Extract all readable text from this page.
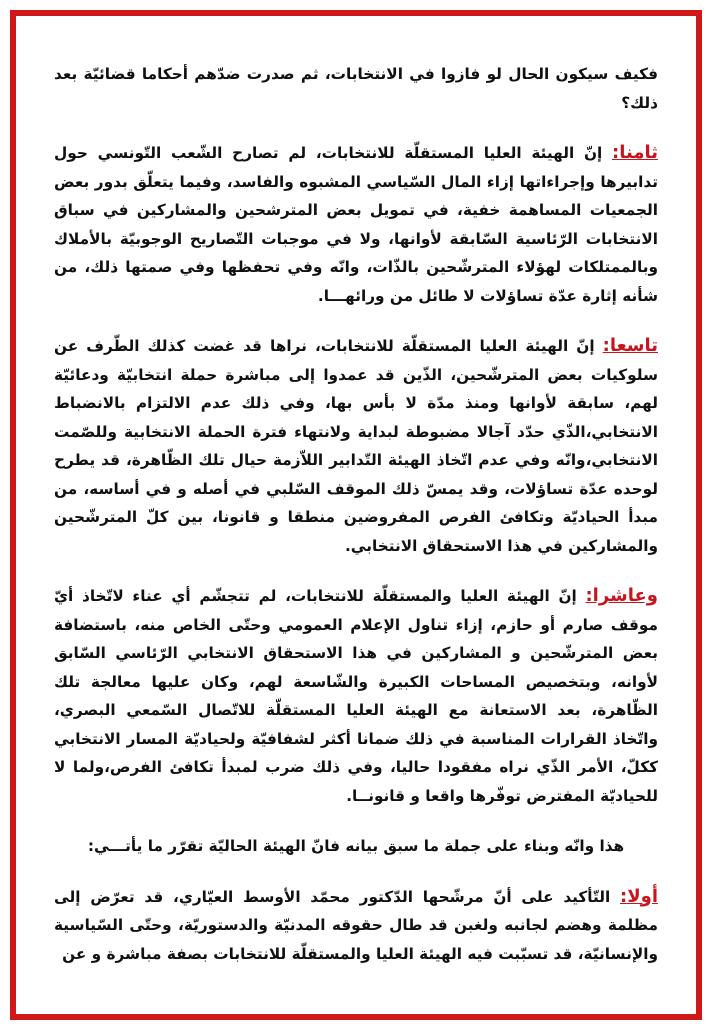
فكيف سيكون الحال لو فازوا في الانتخابات، ثم صدرت ضدّهم أحكاما قضائيّة بعد ذلك؟

ثامنا: إنّ الهيئة العليا المستقلّة للانتخابات، لم تصارح الشّعب التّونسي حول تدابيرها وإجراءاتها إزاء المال السّياسي المشبوه والفاسد، وفيما يتعلّق بدور بعض الجمعيات المساهمة خفية، في تمويل بعض المترشحين والمشاركين في سباق الانتخابات الرّئاسية السّابقة لأوانها، ولا في موجبات التّصاريح الوجوبيّة بالأملاك وبالممتلكات لهؤلاء المترشّحين بالذّات، وانّه وفي تحفظها وفي صمتها ذلك، من شأنه إثارة عدّة تساؤلات لا طائل من ورائهـــا.

تاسعا: إنّ الهيئة العليا المستقلّة للانتخابات، نراها قد غضت كذلك الطّرف عن سلوكيات بعض المترشّحين، الذّين قد عمدوا إلى مباشرة حملة انتخابيّة ودعائيّة لهم، سابقة لأوانها ومنذ مدّة لا بأس بها، وفي ذلك عدم الالتزام بالانضباط الانتخابي،الذّي حدّد آجالا مضبوطة لبداية ولانتهاء فترة الحملة الانتخابية وللصّمت الانتخابي،وانّه وفي عدم اتّخاذ الهيئة التّدابير اللاّزمة حيال تلك الظّاهرة، قد يطرح لوحده عدّة تساؤلات، وقد يمسّ ذلك الموقف السّلبي في أصله و في أساسه، من مبدأ الحياديّة وتكافئ الفرص المفروضين منطقا و قانونا، بين كلّ المترشّحين والمشاركين في هذا الاستحقاق الانتخابي.

وعاشرا: إنّ الهيئة العليا والمستقلّة للانتخابات، لم تتجشّم أي عناء لاتّخاذ أيّ موقف صارم أو حازم، إزاء تناول الإعلام العمومي وحتّى الخاص منه، باستضافة بعض المترشّحين و المشاركين في هذا الاستحقاق الانتخابي الرّئاسي السّابق لأوانه، وبتخصيص المساحات الكبيرة والشّاسعة لهم، وكان عليها معالجة تلك الظّاهرة، بعد الاستعانة مع الهيئة العليا المستقلّة للاتّصال السّمعي البصري، واتّخاذ القرارات المناسبة في ذلك ضمانا أكثر لشفافيّة ولحياديّة المسار الانتخابي ككلّ، الأمر الذّي نراه مفقودا حاليا، وفي ذلك ضرب لمبدأ تكافئ الفرص،ولما لا للحياديّة المفترض توفّرها واقعا و قانونــا.

هذا وانّه وبناء على جملة ما سبق بيانه فانّ الهيئة الحاليّة تقرّر ما يأتـــي:

أولا: التّأكيد على أنّ مرشّحها الدّكتور محمّد الأوسط العيّاري، قد تعرّض إلى مظلمة وهضم لجانبه ولغبن قد طال حقوقه المدنيّة والدستوريّة، وحتّى السّياسية والإنسانيّة، قد تسبّبت فيه الهيئة العليا والمستقلّة للانتخابات بصفة مباشرة و عن
